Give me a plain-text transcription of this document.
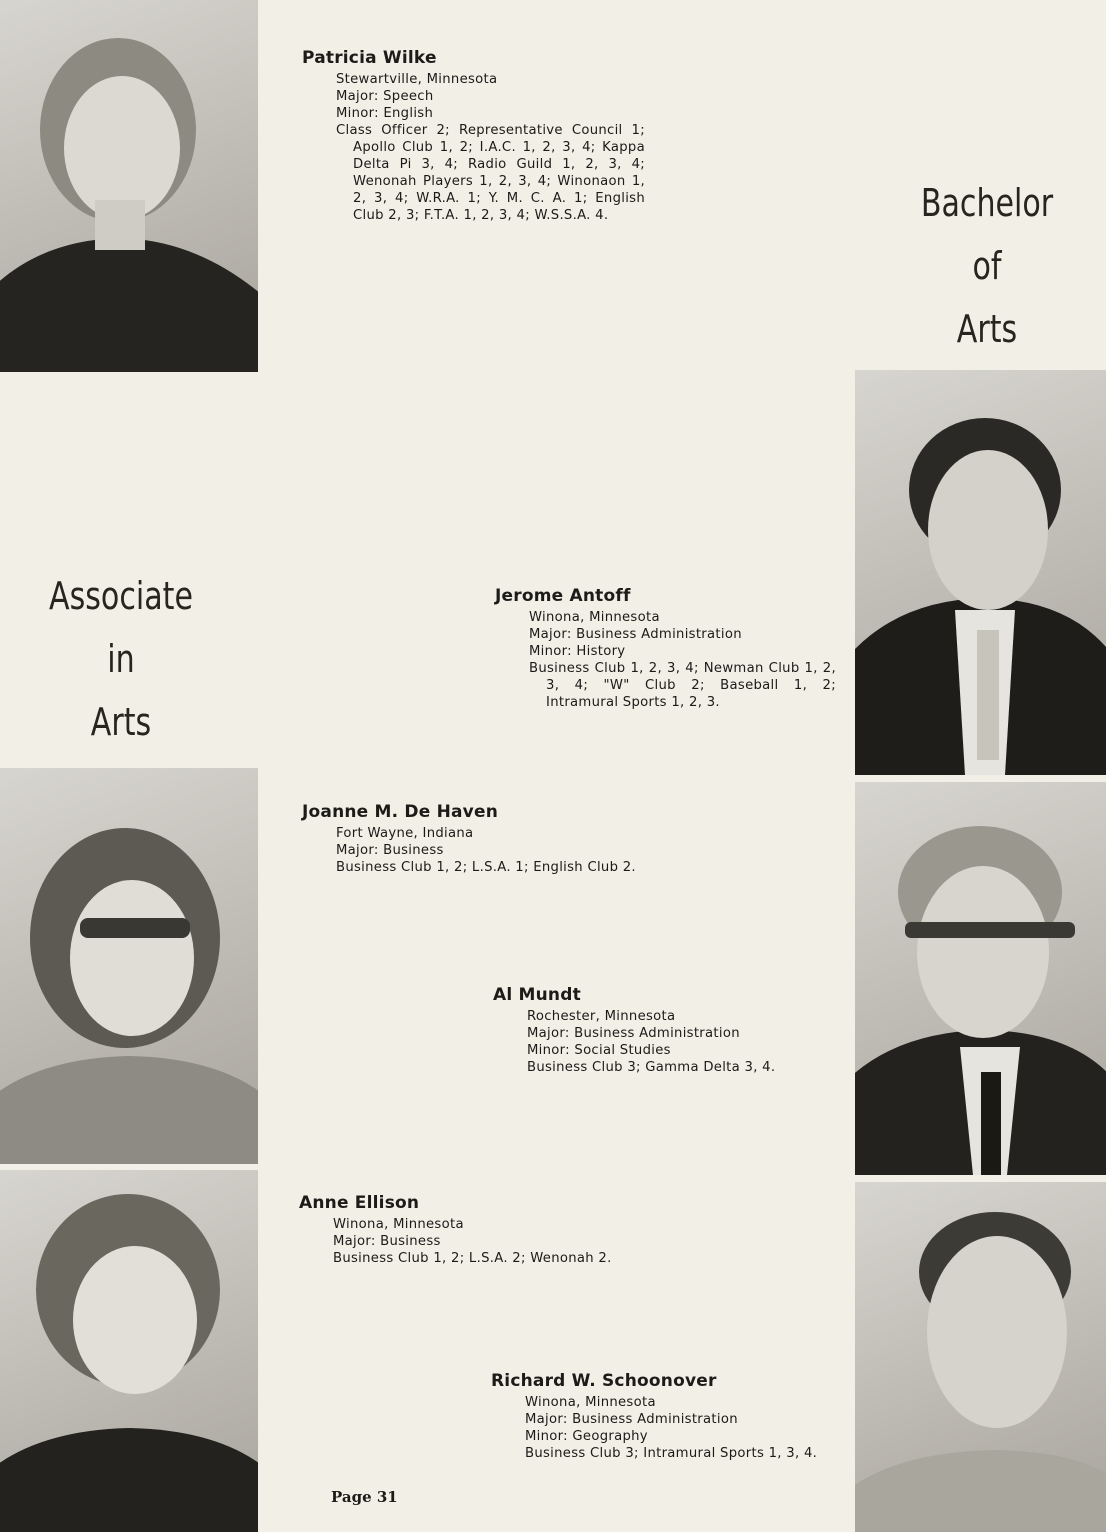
Bachelor
of
Arts
Associate
in
Arts
Patricia Wilke
Stewartville, Minnesota
Major: Speech
Minor: English
Class Officer 2; Representative Council 1; Apollo Club 1, 2; I.A.C. 1, 2, 3, 4; Kappa Delta Pi 3, 4; Radio Guild 1, 2, 3, 4; Wenonah Players 1, 2, 3, 4; Winonaon 1, 2, 3, 4; W.R.A. 1; Y. M. C. A. 1; English Club 2, 3; F.T.A. 1, 2, 3, 4; W.S.S.A. 4.
Jerome Antoff
Winona, Minnesota
Major: Business Administration
Minor: History
Business Club 1, 2, 3, 4; Newman Club 1, 2, 3, 4; "W" Club 2; Baseball 1, 2; Intramural Sports 1, 2, 3.
Joanne M. De Haven
Fort Wayne, Indiana
Major: Business
Business Club 1, 2; L.S.A. 1; English Club 2.
Al Mundt
Rochester, Minnesota
Major: Business Administration
Minor: Social Studies
Business Club 3; Gamma Delta 3, 4.
Anne Ellison
Winona, Minnesota
Major: Business
Business Club 1, 2; L.S.A. 2; Wenonah 2.
Richard W. Schoonover
Winona, Minnesota
Major: Business Administration
Minor: Geography
Business Club 3; Intramural Sports 1, 3, 4.
Page 31
